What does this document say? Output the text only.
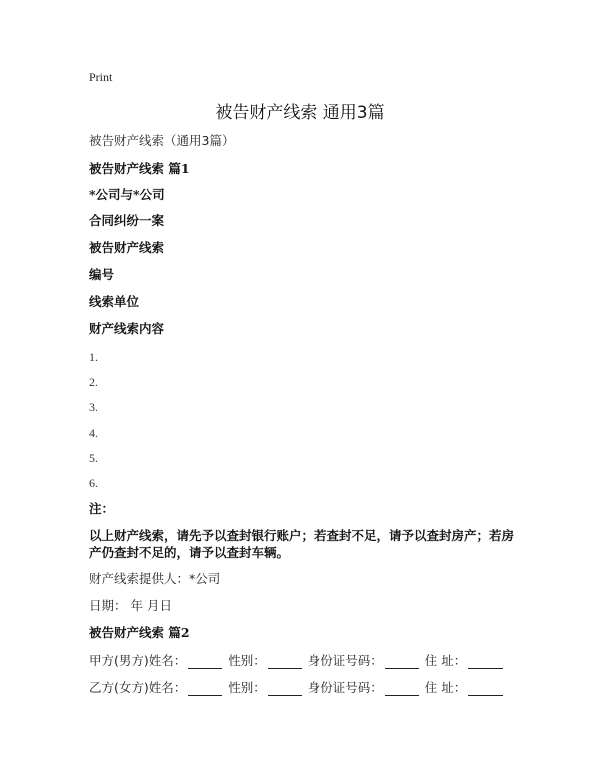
Print
被告财产线索 通用3篇
被告财产线索（通用3篇）
被告财产线索 篇1
*公司与*公司
合同纠纷一案
被告财产线索
编号
线索单位
财产线索内容
1.
2.
3.
4.
5.
6.
注：
以上财产线索，请先予以查封银行账户；若查封不足，请予以查封房产；若房产仍查封不足的，请予以查封车辆。
财产线索提供人：*公司
日期： 年 月日
被告财产线索 篇2
甲方(男方)姓名：	性别：	身份证号码：	住 址：
乙方(女方)姓名：	性别：	身份证号码：	住 址：
